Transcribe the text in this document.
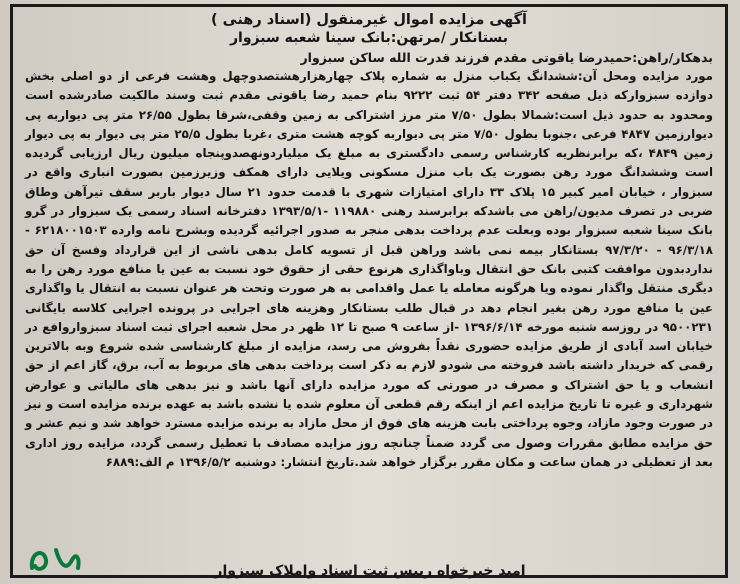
آگهی مزایده اموال غیرمنقول (اسناد رهنی )

بستانکار /مرتهن:بانک سینا شعبه سبزوار

بدهکار/راهن:حمیدرضا یاقوتی مقدم فرزند قدرت الله ساکن سبزوار

مورد مزایده ومحل آن:ششدانگ یکباب منزل به شماره پلاک چهارهزارهشتصدوچهل وهشت فرعی از دو اصلی بخش دوازده سبزوارکه ذیل صفحه ۳۴۲ دفتر ۵۴ ثبت ۹۲۲۲ بنام حمید رضا یاقوتی مقدم ثبت وسند مالکیت صادرشده است ومحدود به حدود ذیل است:شمالا بطول ۷/۵۰ متر مرز اشتراکی به زمین وقفی،شرقا بطول ۲۶/۵۵ متر پی دیواربه پی دیوارزمین ۴۸۴۷ فرعی ،جنوبا بطول ۷/۵۰ متر پی دیواربه کوچه هشت متری ،غربا بطول ۲۵/۵ متر پی دیوار به پی دیوار زمین ۴۸۴۹ ،که برابرنظریه کارشناس رسمی دادگستری به مبلغ یک میلیاردونهصدوپنجاه میلیون ریال ارزیابی گردیده است وششدانگ مورد رهن بصورت یک باب منزل مسکونی ویلایی دارای همکف وزیرزمین بصورت انباری واقع در سبزوار ، خیابان امیر کبیر ۱۵ پلاک ۳۳ دارای امتیازات شهری با قدمت حدود ۲۱ سال دیوار باربر سقف تیرآهن وطاق ضربی در تصرف مدیون/راهن می باشدکه برابرسند رهنی ۱۱۹۸۸۰ -۱۳۹۳/۵/۱ دفترخانه اسناد رسمی یک سبزوار در گرو بانک سینا شعبه سبزوار بوده وبعلت عدم پرداخت بدهی منجر به صدور اجرائیه گردیده وبشرح نامه وارده ۶۲۱۸۰۰۱۵۰۳ - ۹۶/۳/۱۸ - ۹۷/۳/۲۰ بستانکار بیمه نمی باشد وراهن قبل از تسویه کامل بدهی ناشی از این قرارداد وفسخ آن حق نداردبدون موافقت کتبی بانک حق انتقال وباواگذاری هرنوع حقی از حقوق خود نسبت به عین یا منافع مورد رهن را به دیگری منتقل واگذار نموده ویا هرگونه معامله یا عمل واقدامی به هر صورت وتحت هر عنوان نسبت به انتقال یا واگذاری عین یا منافع مورد رهن بغیر انجام دهد در قبال طلب بستانکار وهزینه های اجرایی در پرونده اجرایی کلاسه بایگانی ۹۵۰۰۲۳۱ در روزسه شنبه مورخه ۱۳۹۶/۶/۱۴ -از ساعت ۹ صبح تا ۱۲ ظهر در محل شعبه اجرای ثبت اسناد سبزواروافع در خیابان اسد آبادی از طریق مزایده حضوری نقداً بفروش می رسد، مزایده از مبلغ کارشناسی شده شروع وبه بالاترین رقمی که خریدار داشته باشد فروخته می شودو لازم به ذکر است پرداخت بدهی های مربوط به آب، برق، گاز اعم از حق انشعاب و یا حق اشتراک و مصرف در صورتی که مورد مزایده دارای آنها باشد و نیز بدهی های مالیاتی و عوارض شهرداری و غیره تا تاریخ مزایده اعم از اینکه رقم قطعی آن معلوم شده یا نشده باشد به عهده برنده مزایده است و نیز در صورت وجود مازاد، وجوه پرداختی بابت هزینه های فوق از محل مازاد به برنده مزایده مسترد خواهد شد و نیم عشر و حق مزایده مطابق مقررات وصول می گردد ضمناً چنانچه روز مزایده مصادف با تعطیل رسمی گردد، مزایده روز اداری بعد از تعطیلی در همان ساعت و مکان مقرر برگزار خواهد شد.تاریخ انتشار: دوشنبه ۱۳۹۶/۵/۲ م الف:۶۸۸۹

امید خیرخواه رییس ثبت اسناد واملاک سبزوار
